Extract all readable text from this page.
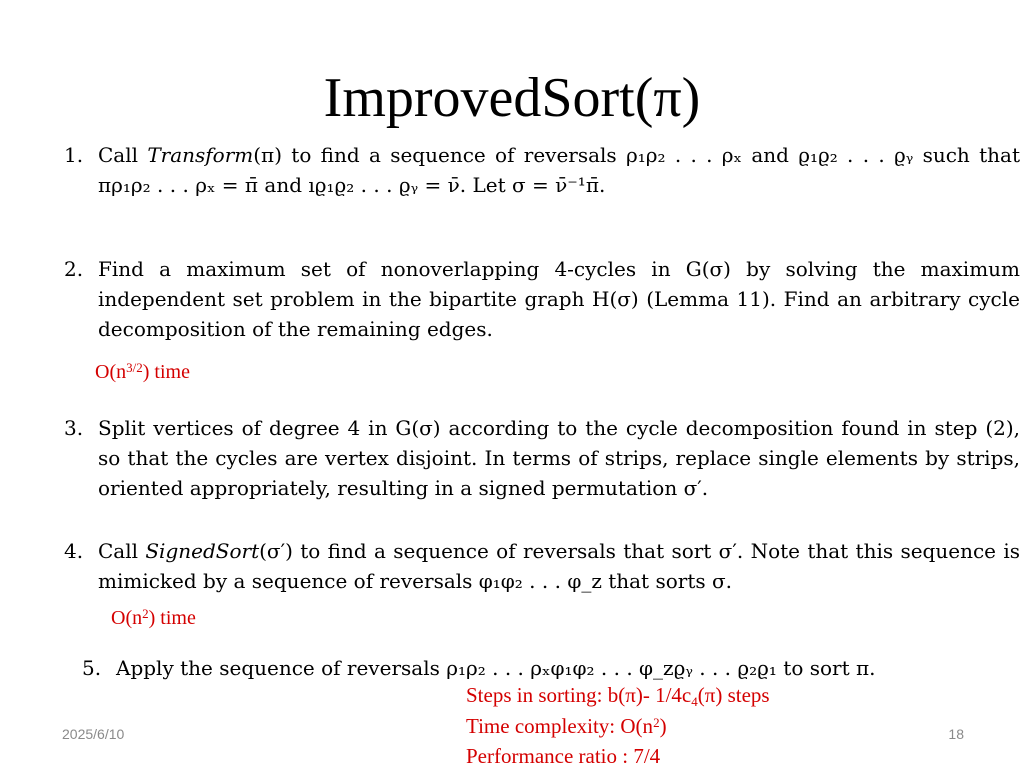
ImprovedSort(π)
1. Call Transform(π) to find a sequence of reversals ρ₁ρ₂ . . . ρₓ and ϱ₁ϱ₂ . . . ϱᵧ such that πρ₁ρ₂ . . . ρₓ = π̄ and ıϱ₁ϱ₂ . . . ϱᵧ = ν̄. Let σ = ν̄⁻¹π̄.
2. Find a maximum set of nonoverlapping 4-cycles in G(σ) by solving the maximum independent set problem in the bipartite graph H(σ) (Lemma 11). Find an arbitrary cycle decomposition of the remaining edges.
$O(n^{3/2})$ time
3. Split vertices of degree 4 in G(σ) according to the cycle decomposition found in step (2), so that the cycles are vertex disjoint. In terms of strips, replace single elements by strips, oriented appropriately, resulting in a signed permutation σ′.
4. Call SignedSort(σ′) to find a sequence of reversals that sort σ′. Note that this sequence is mimicked by a sequence of reversals φ₁φ₂ . . . φ_z that sorts σ.
$O(n^2)$ time
5. Apply the sequence of reversals ρ₁ρ₂ . . . ρₓφ₁φ₂ . . . φ_zϱᵧ . . . ϱ₂ϱ₁ to sort π.
Steps in sorting: b(π)- $1/4c_4(\pi)$ steps
Time complexity: $O(n^2)$
Performance ratio : 7/4
2025/6/10	18
